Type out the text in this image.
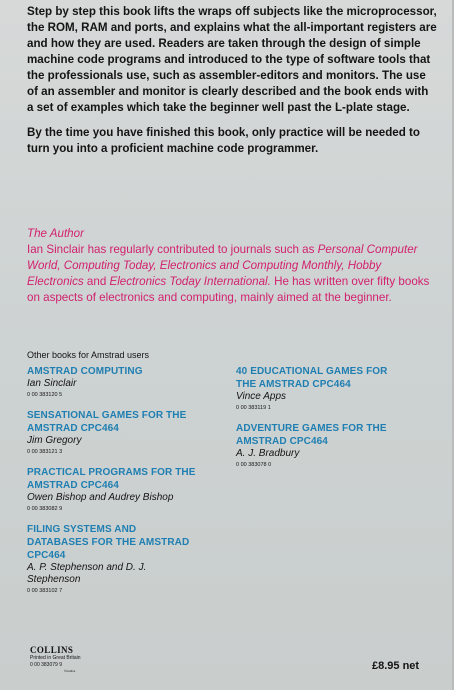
Step by step this book lifts the wraps off subjects like the microprocessor, the ROM, RAM and ports, and explains what the all-important registers are and how they are used. Readers are taken through the design of simple machine code programs and introduced to the type of software tools that the professionals use, such as assembler-editors and monitors. The use of an assembler and monitor is clearly described and the book ends with a set of examples which take the beginner well past the L-plate stage.

By the time you have finished this book, only practice will be needed to turn you into a proficient machine code programmer.

The Author
Ian Sinclair has regularly contributed to journals such as Personal Computer World, Computing Today, Electronics and Computing Monthly, Hobby Electronics and Electronics Today International. He has written over fifty books on aspects of electronics and computing, mainly aimed at the beginner.
Other books for Amstrad users
AMSTRAD COMPUTING
Ian Sinclair
0 00 383120 5
SENSATIONAL GAMES FOR THE AMSTRAD CPC464
Jim Gregory
0 00 383121 3
PRACTICAL PROGRAMS FOR THE AMSTRAD CPC464
Owen Bishop and Audrey Bishop
0 00 383082 9
FILING SYSTEMS AND DATABASES FOR THE AMSTRAD CPC464
A. P. Stephenson and D. J. Stephenson
0 00 383102 7
40 EDUCATIONAL GAMES FOR THE AMSTRAD CPC464
Vince Apps
0 00 383119 1
ADVENTURE GAMES FOR THE AMSTRAD CPC464
A. J. Bradbury
0 00 383078 0
COLLINS
Printed in Great Britain
0 00 383079 9
©Collins	£8.95 net
